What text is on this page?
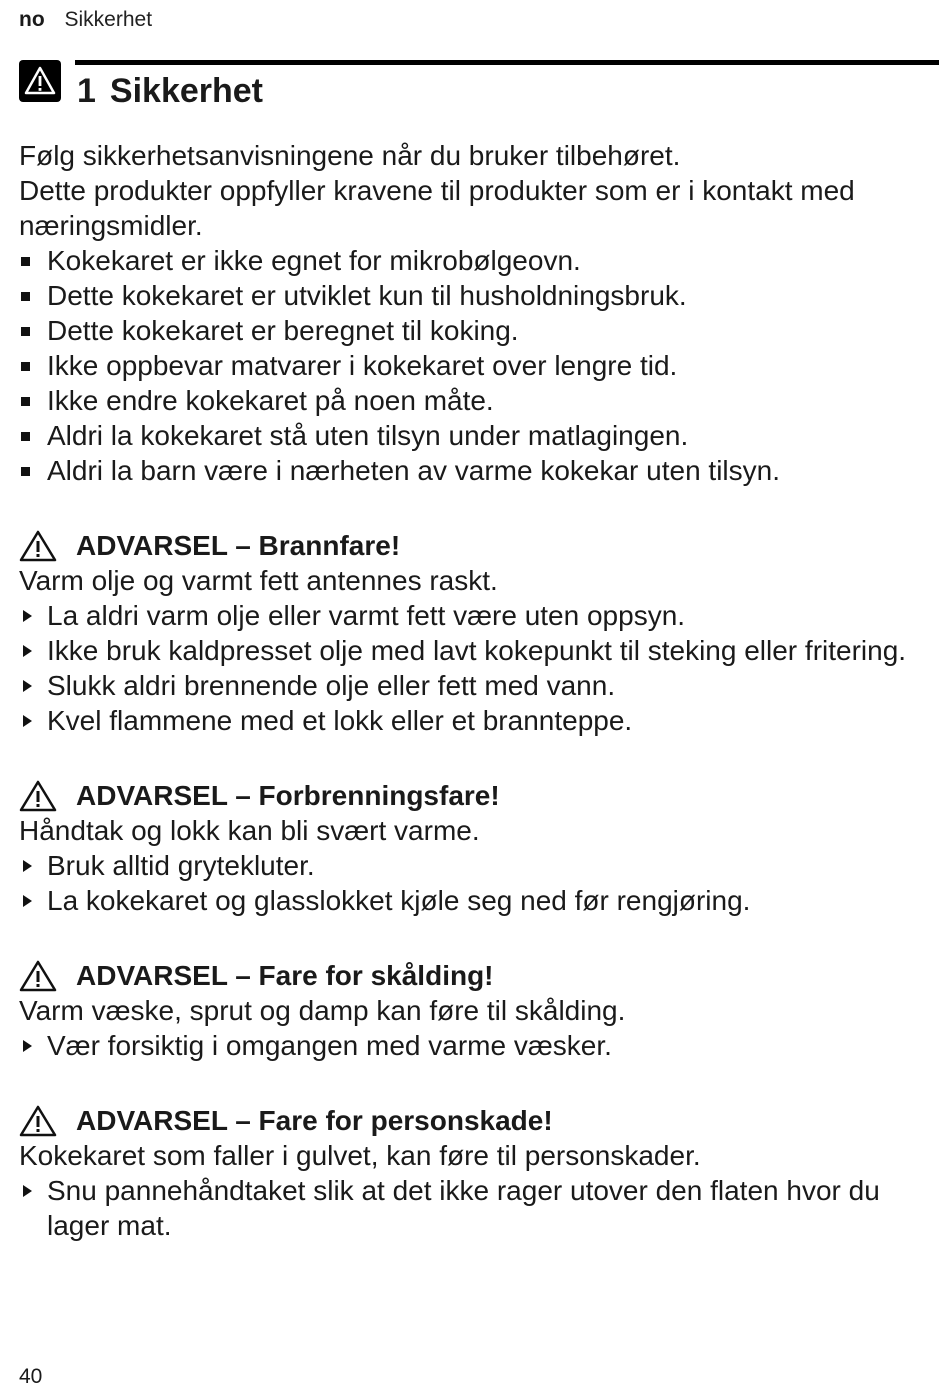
no Sikkerhet
1 Sikkerhet

Følg sikkerhetsanvisningene når du bruker tilbehøret.

Dette produkter oppfyller kravene til produkter som er i kontakt med næringsmidler.

Kokekaret er ikke egnet for mikrobølgeovn.
Dette kokekaret er utviklet kun til husholdningsbruk.
Dette kokekaret er beregnet til koking.
Ikke oppbevar matvarer i kokekaret over lengre tid.
Ikke endre kokekaret på noen måte.
Aldri la kokekaret stå uten tilsyn under matlagingen.
Aldri la barn være i nærheten av varme kokekar uten tilsyn.
ADVARSEL – Brannfare!

Varm olje og varmt fett antennes raskt.

La aldri varm olje eller varmt fett være uten oppsyn.
Ikke bruk kaldpresset olje med lavt kokepunkt til steking eller fritering.
Slukk aldri brennende olje eller fett med vann.
Kvel flammene med et lokk eller et brannteppe.
ADVARSEL – Forbrenningsfare!

Håndtak og lokk kan bli svært varme.

Bruk alltid grytekluter.
La kokekaret og glasslokket kjøle seg ned før rengjøring.
ADVARSEL – Fare for skålding!

Varm væske, sprut og damp kan føre til skålding.

Vær forsiktig i omgangen med varme væsker.
ADVARSEL – Fare for personskade!

Kokekaret som faller i gulvet, kan føre til personskader.

Snu pannehåndtaket slik at det ikke rager utover den flaten hvor du lager mat.
40
